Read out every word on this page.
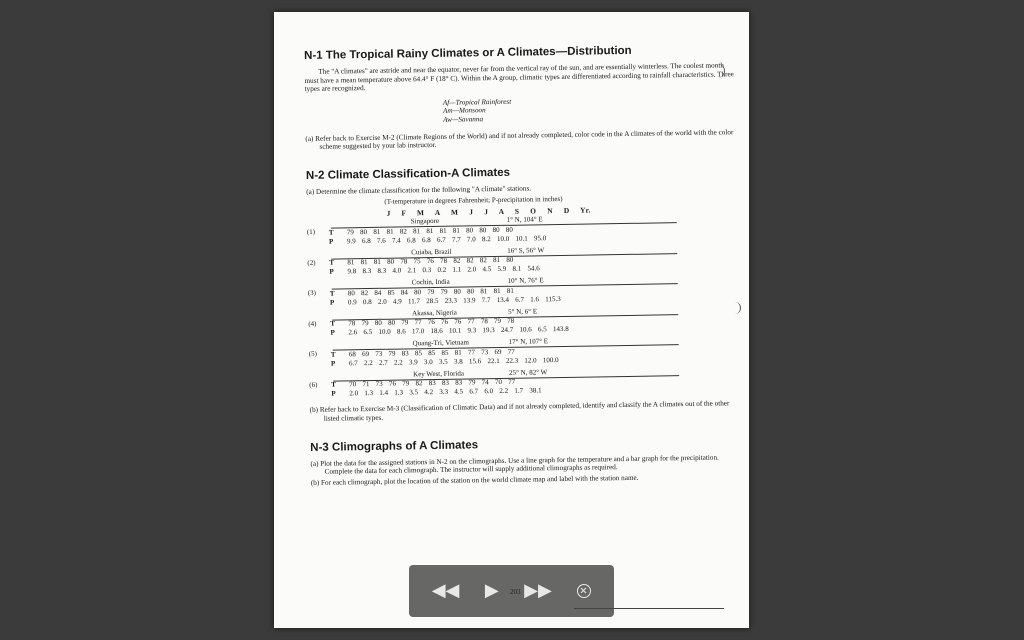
N-1 The Tropical Rainy Climates or A Climates—Distribution

The "A climates" are astride and near the equator, never far from the vertical ray of the sun, and are essentially winterless. The coolest month must have a mean temperature above 64.4° F (18° C). Within the A group, climatic types are differentiated according to rainfall characteristics. Three types are recognized.

Af—Tropical Rainforest
Am—Monsoon
Aw—Savanna

(a) Refer back to Exercise M-2 (Climate Regions of the World) and if not already completed, color code in the A climates of the world with the color scheme suggested by your lab instructor.

N-2 Climate Classification-A Climates

(a) Determine the climate classification for the following "A climate" stations.

(T-temperature in degrees Fahrenheit; P-precipitation in inches)
J F M A M J J A S O N D Yr.
(1)
Singapore	1° N, 104° E
T 79 80 81 81 82 81 81 81 81 80 80 80 80
P 9.9 6.8 7.6 7.4 6.8 6.8 6.7 7.7 7.0 8.2 10.0 10.1 95.0
(2)
Cuiaba, Brazil	16° S, 56° W
T 81 81 81 80 78 75 76 78 82 82 82 81 80
P 9.8 8.3 8.3 4.0 2.1 0.3 0.2 1.1 2.0 4.5 5.9 8.1 54.6
(3)
Cochin, India	10° N, 76° E
T 80 82 84 85 84 80 79 79 80 80 81 81 81
P 0.9 0.8 2.0 4.9 11.7 28.5 23.3 13.9 7.7 13.4 6.7 1.6 115.3
(4)
Akassa, Nigeria	5° N, 6° E
T 78 79 80 80 79 77 76 76 76 77 78 79 78
P 2.6 6.5 10.0 8.6 17.0 18.6 10.1 9.3 19.3 24.7 10.6 6.5 143.8
(5)
Quang-Tri, Vietnam	17° N, 107° E
T 68 69 73 79 83 85 85 85 81 77 73 69 77
P 6.7 2.2 2.7 2.2 3.9 3.0 3.5 3.8 15.6 22.1 22.3 12.0 100.0
(6)
Key West, Florida	25° N, 82° W
T 70 71 73 76 79 82 83 83 83 79 74 70 77
P 2.0 1.3 1.4 1.3 3.5 4.2 3.3 4.5 6.7 6.0 2.2 1.7 38.1

(b) Refer back to Exercise M-3 (Classification of Climatic Data) and if not already completed, identify and classify the A climates out of the other listed climatic types.

N-3 Climographs of A Climates

(a) Plot the data for the assigned stations in N-2 on the climographs. Use a line graph for the temperature and a bar graph for the precipitation. Complete the data for each climograph. The instructor will supply additional climographs as required.

(b) For each climograph, plot the location of the station on the world climate map and label with the station name.

◀◀ ▶ ▶▶
203
